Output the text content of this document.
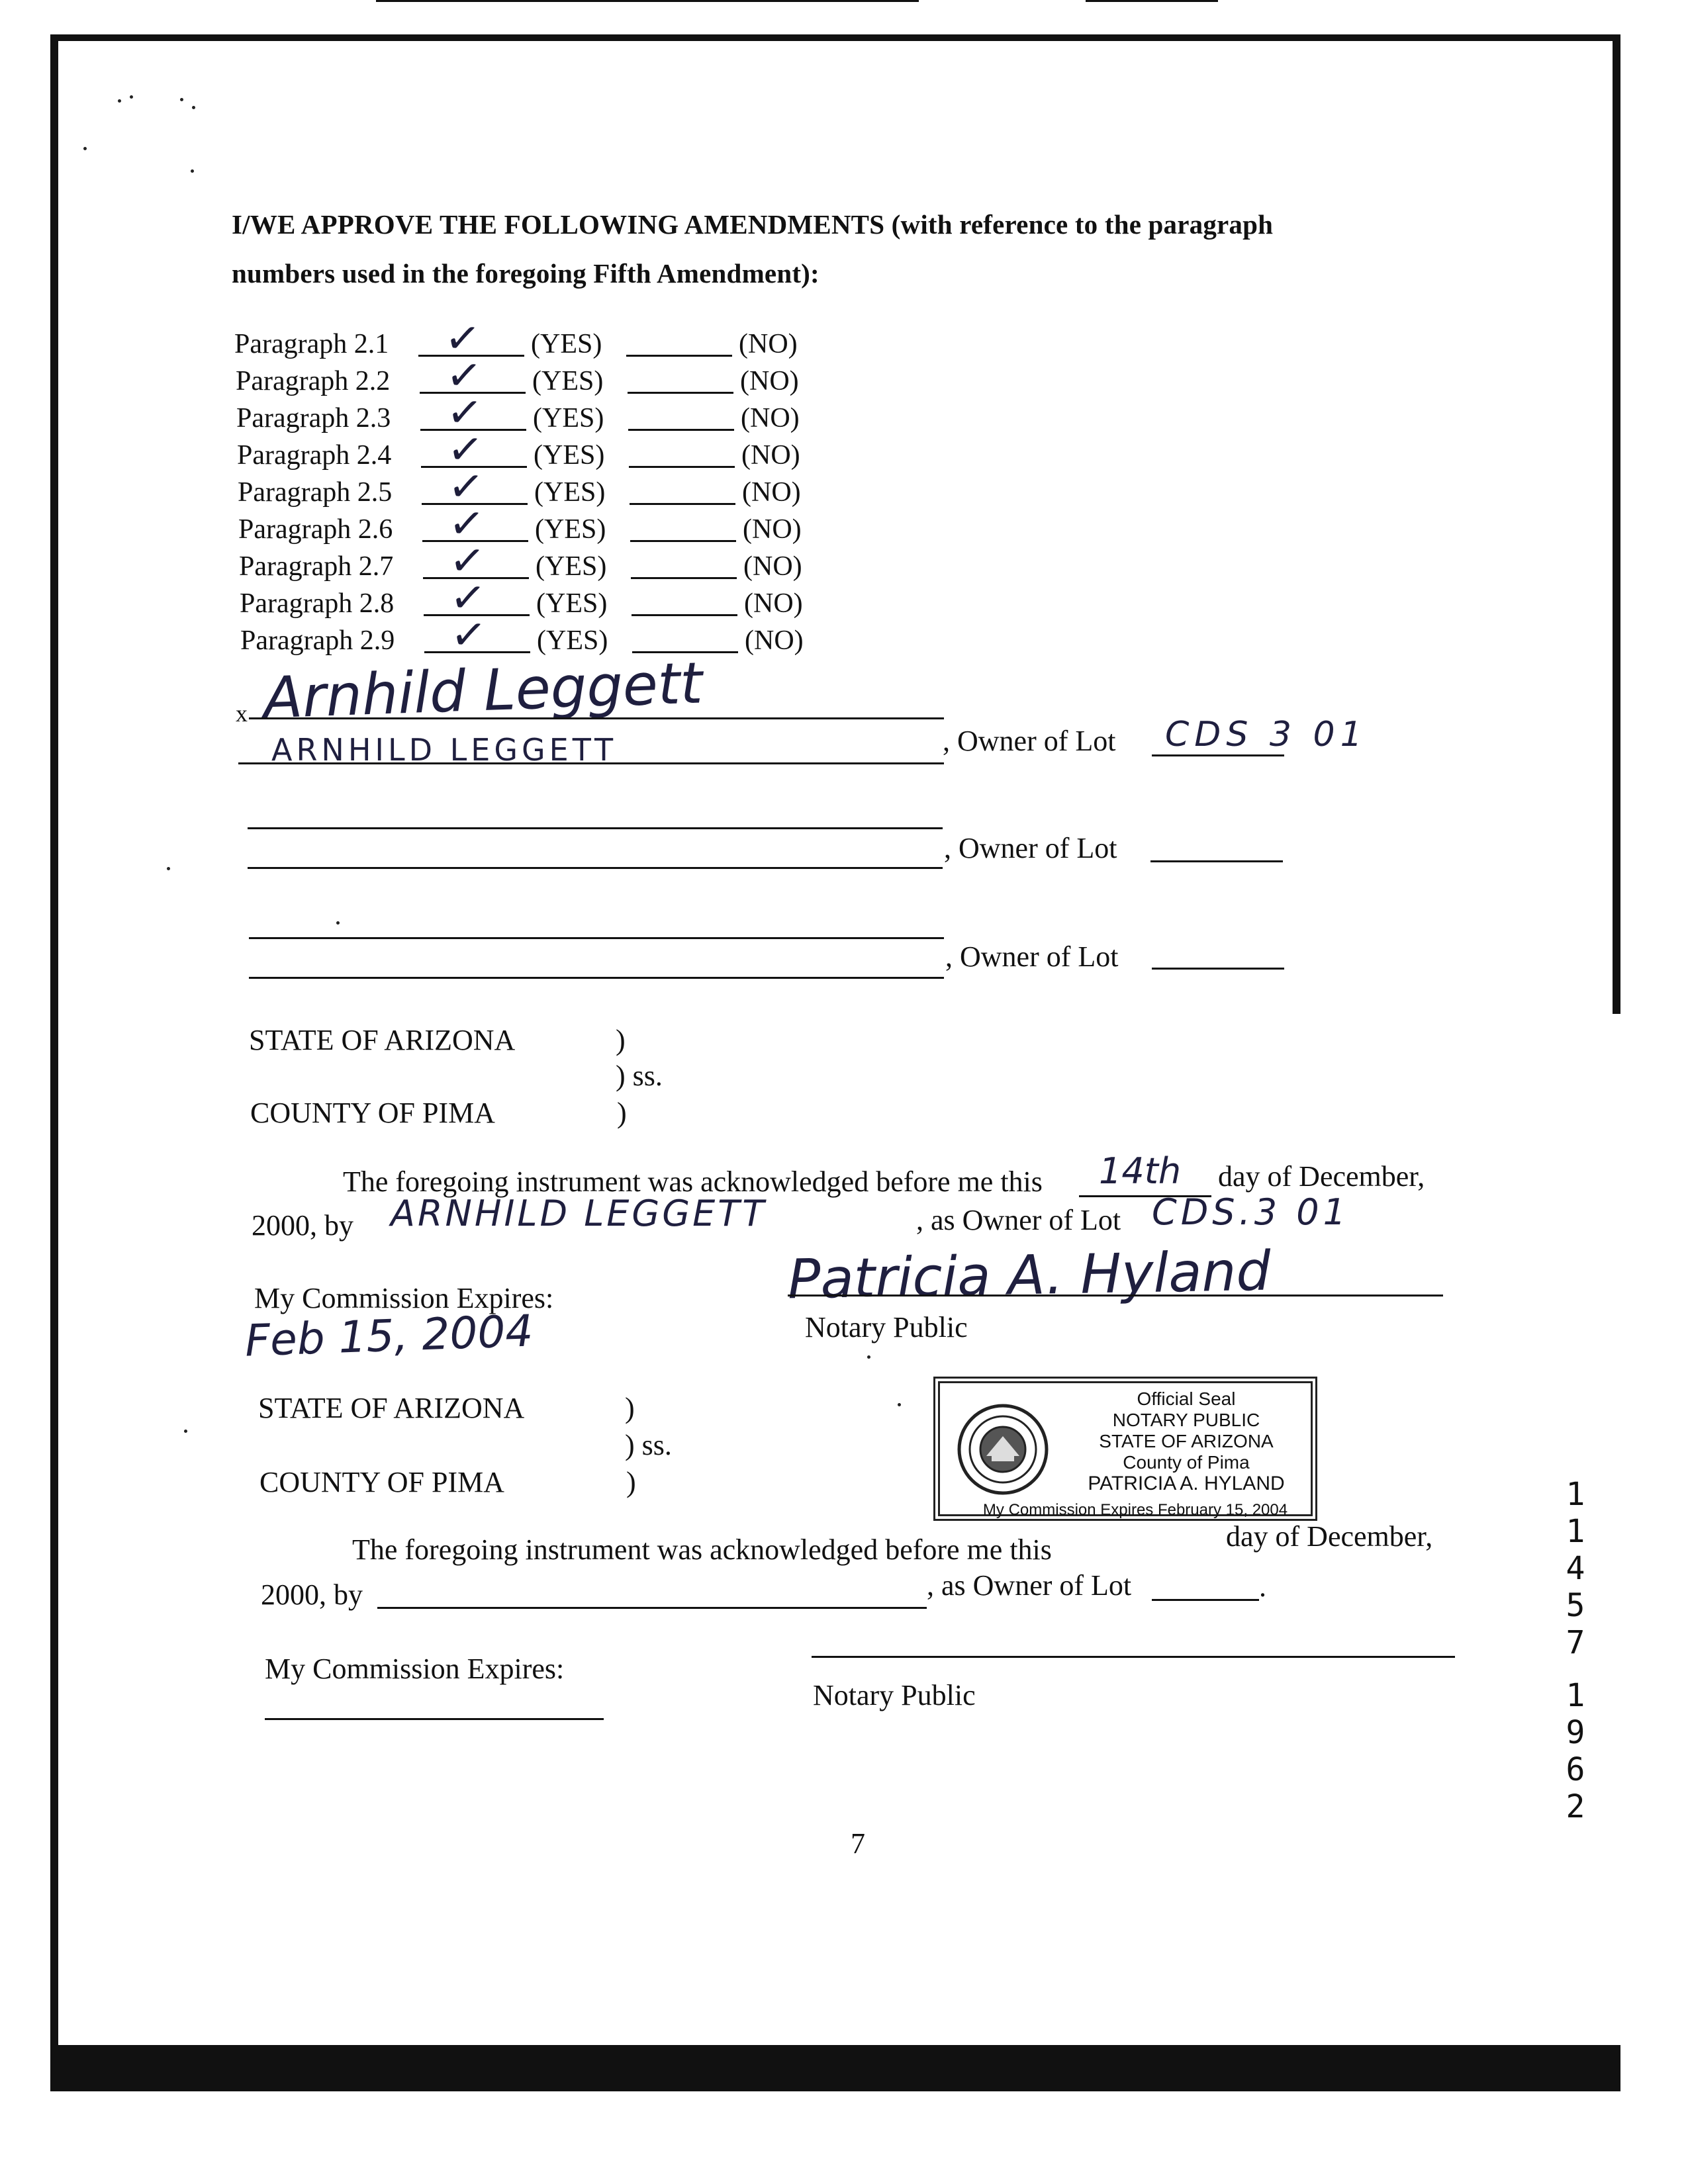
I/WE APPROVE THE FOLLOWING AMENDMENTS (with reference to the paragraph
numbers used in the foregoing Fifth Amendment):
Paragraph 2.1 ✓ (YES)	(NO)
Paragraph 2.2 ✓ (YES)	(NO)
Paragraph 2.3 ✓ (YES)	(NO)
Paragraph 2.4 ✓ (YES)	(NO)
Paragraph 2.5 ✓ (YES)	(NO)
Paragraph 2.6 ✓ (YES)	(NO)
Paragraph 2.7 ✓ (YES)	(NO)
Paragraph 2.8 ✓ (YES)	(NO)
Paragraph 2.9 ✓ (YES)	(NO)
x Arnhild Leggett
ARNHILD LEGGETT	, Owner of Lot CDS 3 01
, Owner of Lot
, Owner of Lot
STATE OF ARIZONA	)
) ss.
COUNTY OF PIMA	)
The foregoing instrument was acknowledged before me this 14th day of December,
2000, by ARNHILD LEGGETT	, as Owner of Lot CDS.3 01
My Commission Expires:
Feb 15, 2004
Patricia A. Hyland
Notary Public
STATE OF ARIZONA	)
) ss.
COUNTY OF PIMA	)
Official Seal
NOTARY PUBLIC
STATE OF ARIZONA
County of Pima
PATRICIA A. HYLAND
My Commission Expires February 15, 2004
The foregoing instrument was acknowledged before me this	day of December,
2000, by	, as Owner of Lot	.
My Commission Expires:
Notary Public
1
1
4
5
7
1
9
6
2
7
